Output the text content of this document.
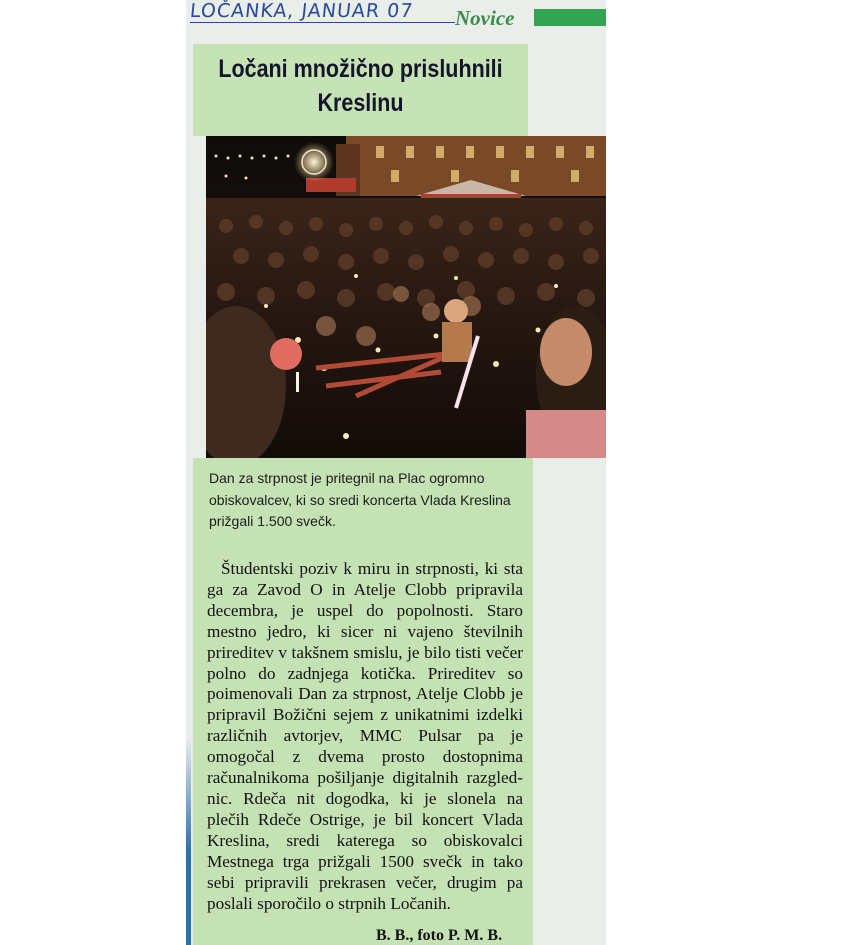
LOČANKA, JANUAR 07 Novice
Ločani množično prisluhnili Kreslinu

Dan za strpnost je pritegnil na Plac ogromno obiskovalcev, ki so sredi koncerta Vlada Kreslina prižgali 1.500 svečk.

Študentski poziv k miru in strpnosti, ki sta ga za Zavod O in Atelje Clobb pripravila decembra, je uspel do popolnosti. Staro mestno jedro, ki sicer ni vajeno številnih prireditev v takšnem smislu, je bilo tisti večer polno do zadnjega kotička. Prireditev so poimenovali Dan za strpnost, Atelje Clobb je pripravil Božični sejem z unikatnimi izdelki različnih avtorjev, MMC Pulsar pa je omogočal z dvema prosto dostopnima računalnikoma pošiljanje digitalnih razglednic. Rdeča nit dogodka, ki je slonela na plečih Rdeče Ostrige, je bil koncert Vlada Kreslina, sredi katerega so obiskovalci Mestnega trga prižgali 1500 svečk in tako sebi pripravili prekrasen večer, drugim pa poslali sporočilo o strpnih Ločanih.

B. B., foto P. M. B.
